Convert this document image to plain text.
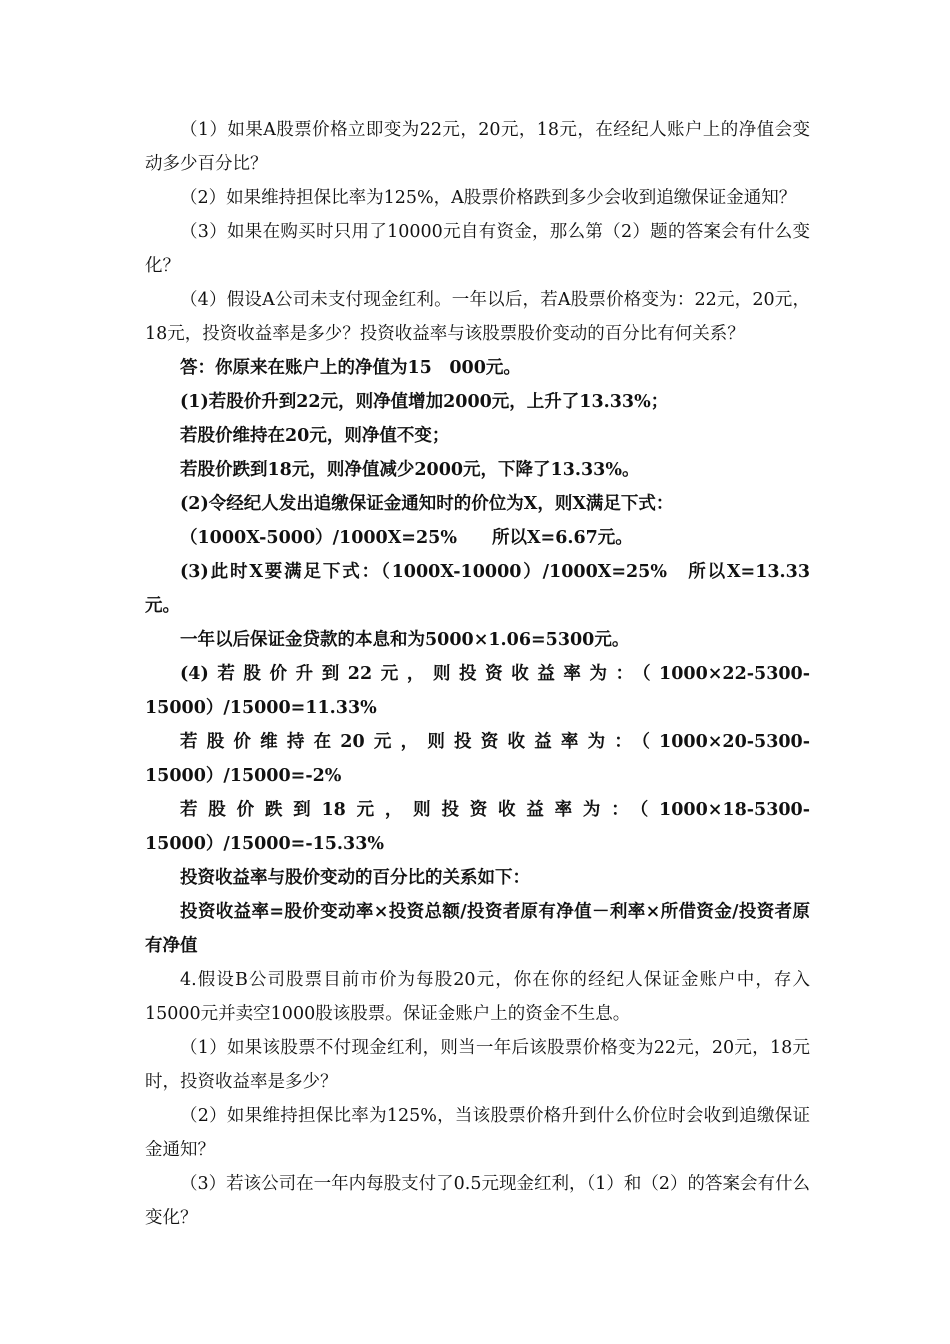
（1）如果A股票价格立即变为22元，20元，18元，在经纪人账户上的净值会变动多少百分比？

（2）如果维持担保比率为125%，A股票价格跌到多少会收到追缴保证金通知？

（3）如果在购买时只用了10000元自有资金，那么第（2）题的答案会有什么变化？

（4）假设A公司未支付现金红利。一年以后，若A股票价格变为：22元，20元，18元，投资收益率是多少？投资收益率与该股票股价变动的百分比有何关系？

答：你原来在账户上的净值为15　000元。

(1)若股价升到22元，则净值增加2000元，上升了13.33%；

若股价维持在20元，则净值不变；

若股价跌到18元，则净值减少2000元，下降了13.33%。

(2)令经纪人发出追缴保证金通知时的价位为X，则X满足下式：

（1000X-5000）/1000X=25%　　所以X=6.67元。

(3)此时X要满足下式：（1000X-10000）/1000X=25%　所以X=13.33元。

一年以后保证金贷款的本息和为5000×1.06=5300元。

(4)若股价升到22元，则投资收益率为：（1000×22-5300-15000）/15000=11.33%

若股价维持在20元，则投资收益率为：（1000×20-5300-15000）/15000=-2%

若股价跌到18元，则投资收益率为：（1000×18-5300-15000）/15000=-15.33%

投资收益率与股价变动的百分比的关系如下：

投资收益率=股价变动率×投资总额/投资者原有净值－利率×所借资金/投资者原有净值

4.假设B公司股票目前市价为每股20元，你在你的经纪人保证金账户中，存入15000元并卖空1000股该股票。保证金账户上的资金不生息。

（1）如果该股票不付现金红利，则当一年后该股票价格变为22元，20元，18元时，投资收益率是多少？

（2）如果维持担保比率为125%，当该股票价格升到什么价位时会收到追缴保证金通知？

（3）若该公司在一年内每股支付了0.5元现金红利，（1）和（2）的答案会有什么变化？
